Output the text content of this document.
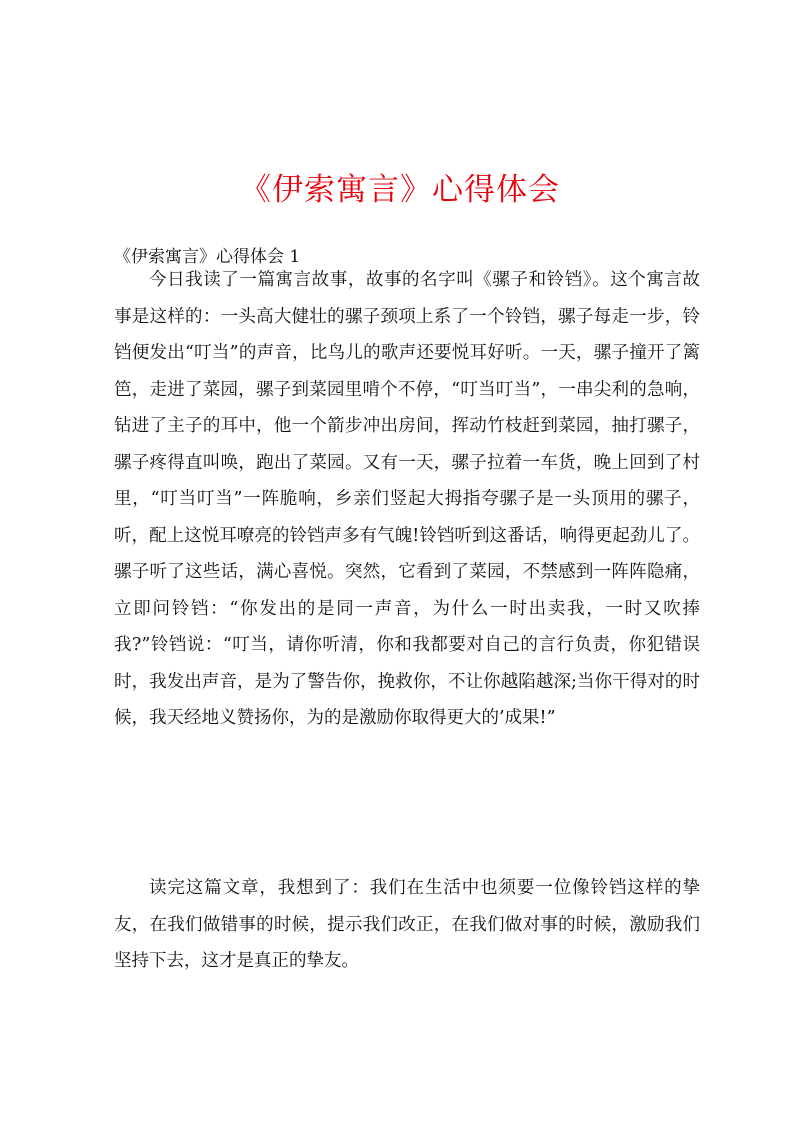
《伊索寓言》心得体会
《伊索寓言》心得体会 1

今日我读了一篇寓言故事，故事的名字叫《骡子和铃铛》。这个寓言故事是这样的：一头高大健壮的骡子颈项上系了一个铃铛，骡子每走一步，铃铛便发出“叮当”的声音，比鸟儿的歌声还要悦耳好听。一天，骡子撞开了篱笆，走进了菜园，骡子到菜园里啃个不停，“叮当叮当”，一串尖利的急响，钻进了主子的耳中，他一个箭步冲出房间，挥动竹枝赶到菜园，抽打骡子，骡子疼得直叫唤，跑出了菜园。又有一天，骡子拉着一车货，晚上回到了村里，“叮当叮当”一阵脆响，乡亲们竖起大拇指夸骡子是一头顶用的骡子，听，配上这悦耳嘹亮的铃铛声多有气魄!铃铛听到这番话，响得更起劲儿了。骡子听了这些话，满心喜悦。突然，它看到了菜园，不禁感到一阵阵隐痛，立即问铃铛：“你发出的是同一声音，为什么一时出卖我，一时又吹捧我?”铃铛说：“叮当，请你听清，你和我都要对自己的言行负责，你犯错误时，我发出声音，是为了警告你，挽救你，不让你越陷越深;当你干得对的时候，我天经地义赞扬你，为的是激励你取得更大的’成果!”

读完这篇文章，我想到了：我们在生活中也须要一位像铃铛这样的挚友，在我们做错事的时候，提示我们改正，在我们做对事的时候，激励我们坚持下去，这才是真正的挚友。
